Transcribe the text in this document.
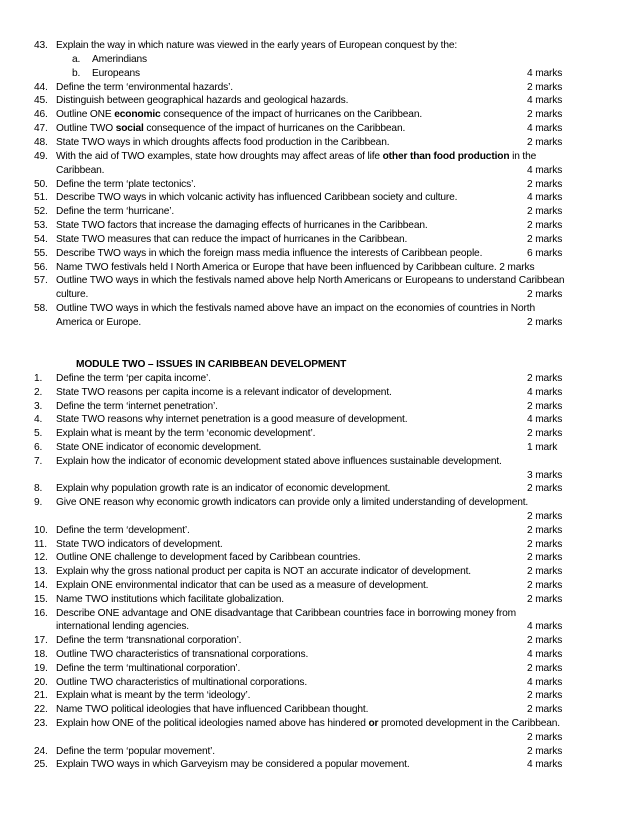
MODULE TWO – ISSUES IN CARIBBEAN DEVELOPMENT
43. Explain the way in which nature was viewed in the early years of European conquest by the:
a.	Amerindians
b.	Europeans	4 marks
44. Define the term ‘environmental hazards’.	2 marks
45. Distinguish between geographical hazards and geological hazards.	4 marks
46. Outline ONE economic consequence of the impact of hurricanes on the Caribbean.	2 marks
47. Outline TWO social consequence of the impact of hurricanes on the Caribbean.	4 marks
48. State TWO ways in which droughts affects food production in the Caribbean.	2 marks
49. With the aid of TWO examples, state how droughts may affect areas of life other than food production in the
Caribbean.	4 marks
50. Define the term ‘plate tectonics’.	2 marks
51. Describe TWO ways in which volcanic activity has influenced Caribbean society and culture.	4 marks
52. Define the term ‘hurricane’.	2 marks
53. State TWO factors that increase the damaging effects of hurricanes in the Caribbean.	2 marks
54. State TWO measures that can reduce the impact of hurricanes in the Caribbean.	2 marks
55. Describe TWO ways in which the foreign mass media influence the interests of Caribbean people.	6 marks
56. Name TWO festivals held I North America or Europe that have been influenced by Caribbean culture. 2 marks
57. Outline TWO ways in which the festivals named above help North Americans or Europeans to understand Caribbean
culture.	2 marks
58. Outline TWO ways in which the festivals named above have an impact on the economies of countries in North
America or Europe.	2 marks
1.	Define the term ‘per capita income’.	2 marks
2.	State TWO reasons per capita income is a relevant indicator of development.	4 marks
3.	Define the term ‘internet penetration’.	2 marks
4.	State TWO reasons why internet penetration is a good measure of development.	4 marks
5.	Explain what is meant by the term ‘economic development’.	2 marks
6.	State ONE indicator of economic development.	1 mark
7.	Explain how the indicator of economic development stated above influences sustainable development.
3 marks
8.	Explain why population growth rate is an indicator of economic development.	2 marks
9.	Give ONE reason why economic growth indicators can provide only a limited understanding of development.
2 marks
10. Define the term ‘development’.	2 marks
11. State TWO indicators of development.	2 marks
12. Outline ONE challenge to development faced by Caribbean countries.	2 marks
13. Explain why the gross national product per capita is NOT an accurate indicator of development.	2 marks
14. Explain ONE environmental indicator that can be used as a measure of development.	2 marks
15. Name TWO institutions which facilitate globalization.	2 marks
16. Describe ONE advantage and ONE disadvantage that Caribbean countries face in borrowing money from
international lending agencies.	4 marks
17. Define the term ‘transnational corporation’.	2 marks
18. Outline TWO characteristics of transnational corporations.	4 marks
19. Define the term ‘multinational corporation’.	2 marks
20. Outline TWO characteristics of multinational corporations.	4 marks
21. Explain what is meant by the term ‘ideology’.	2 marks
22. Name TWO political ideologies that have influenced Caribbean thought.	2 marks
23. Explain how ONE of the political ideologies named above has hindered or promoted development in the Caribbean.
2 marks
24. Define the term ‘popular movement’.	2 marks
25. Explain TWO ways in which Garveyism may be considered a popular movement.	4 marks
